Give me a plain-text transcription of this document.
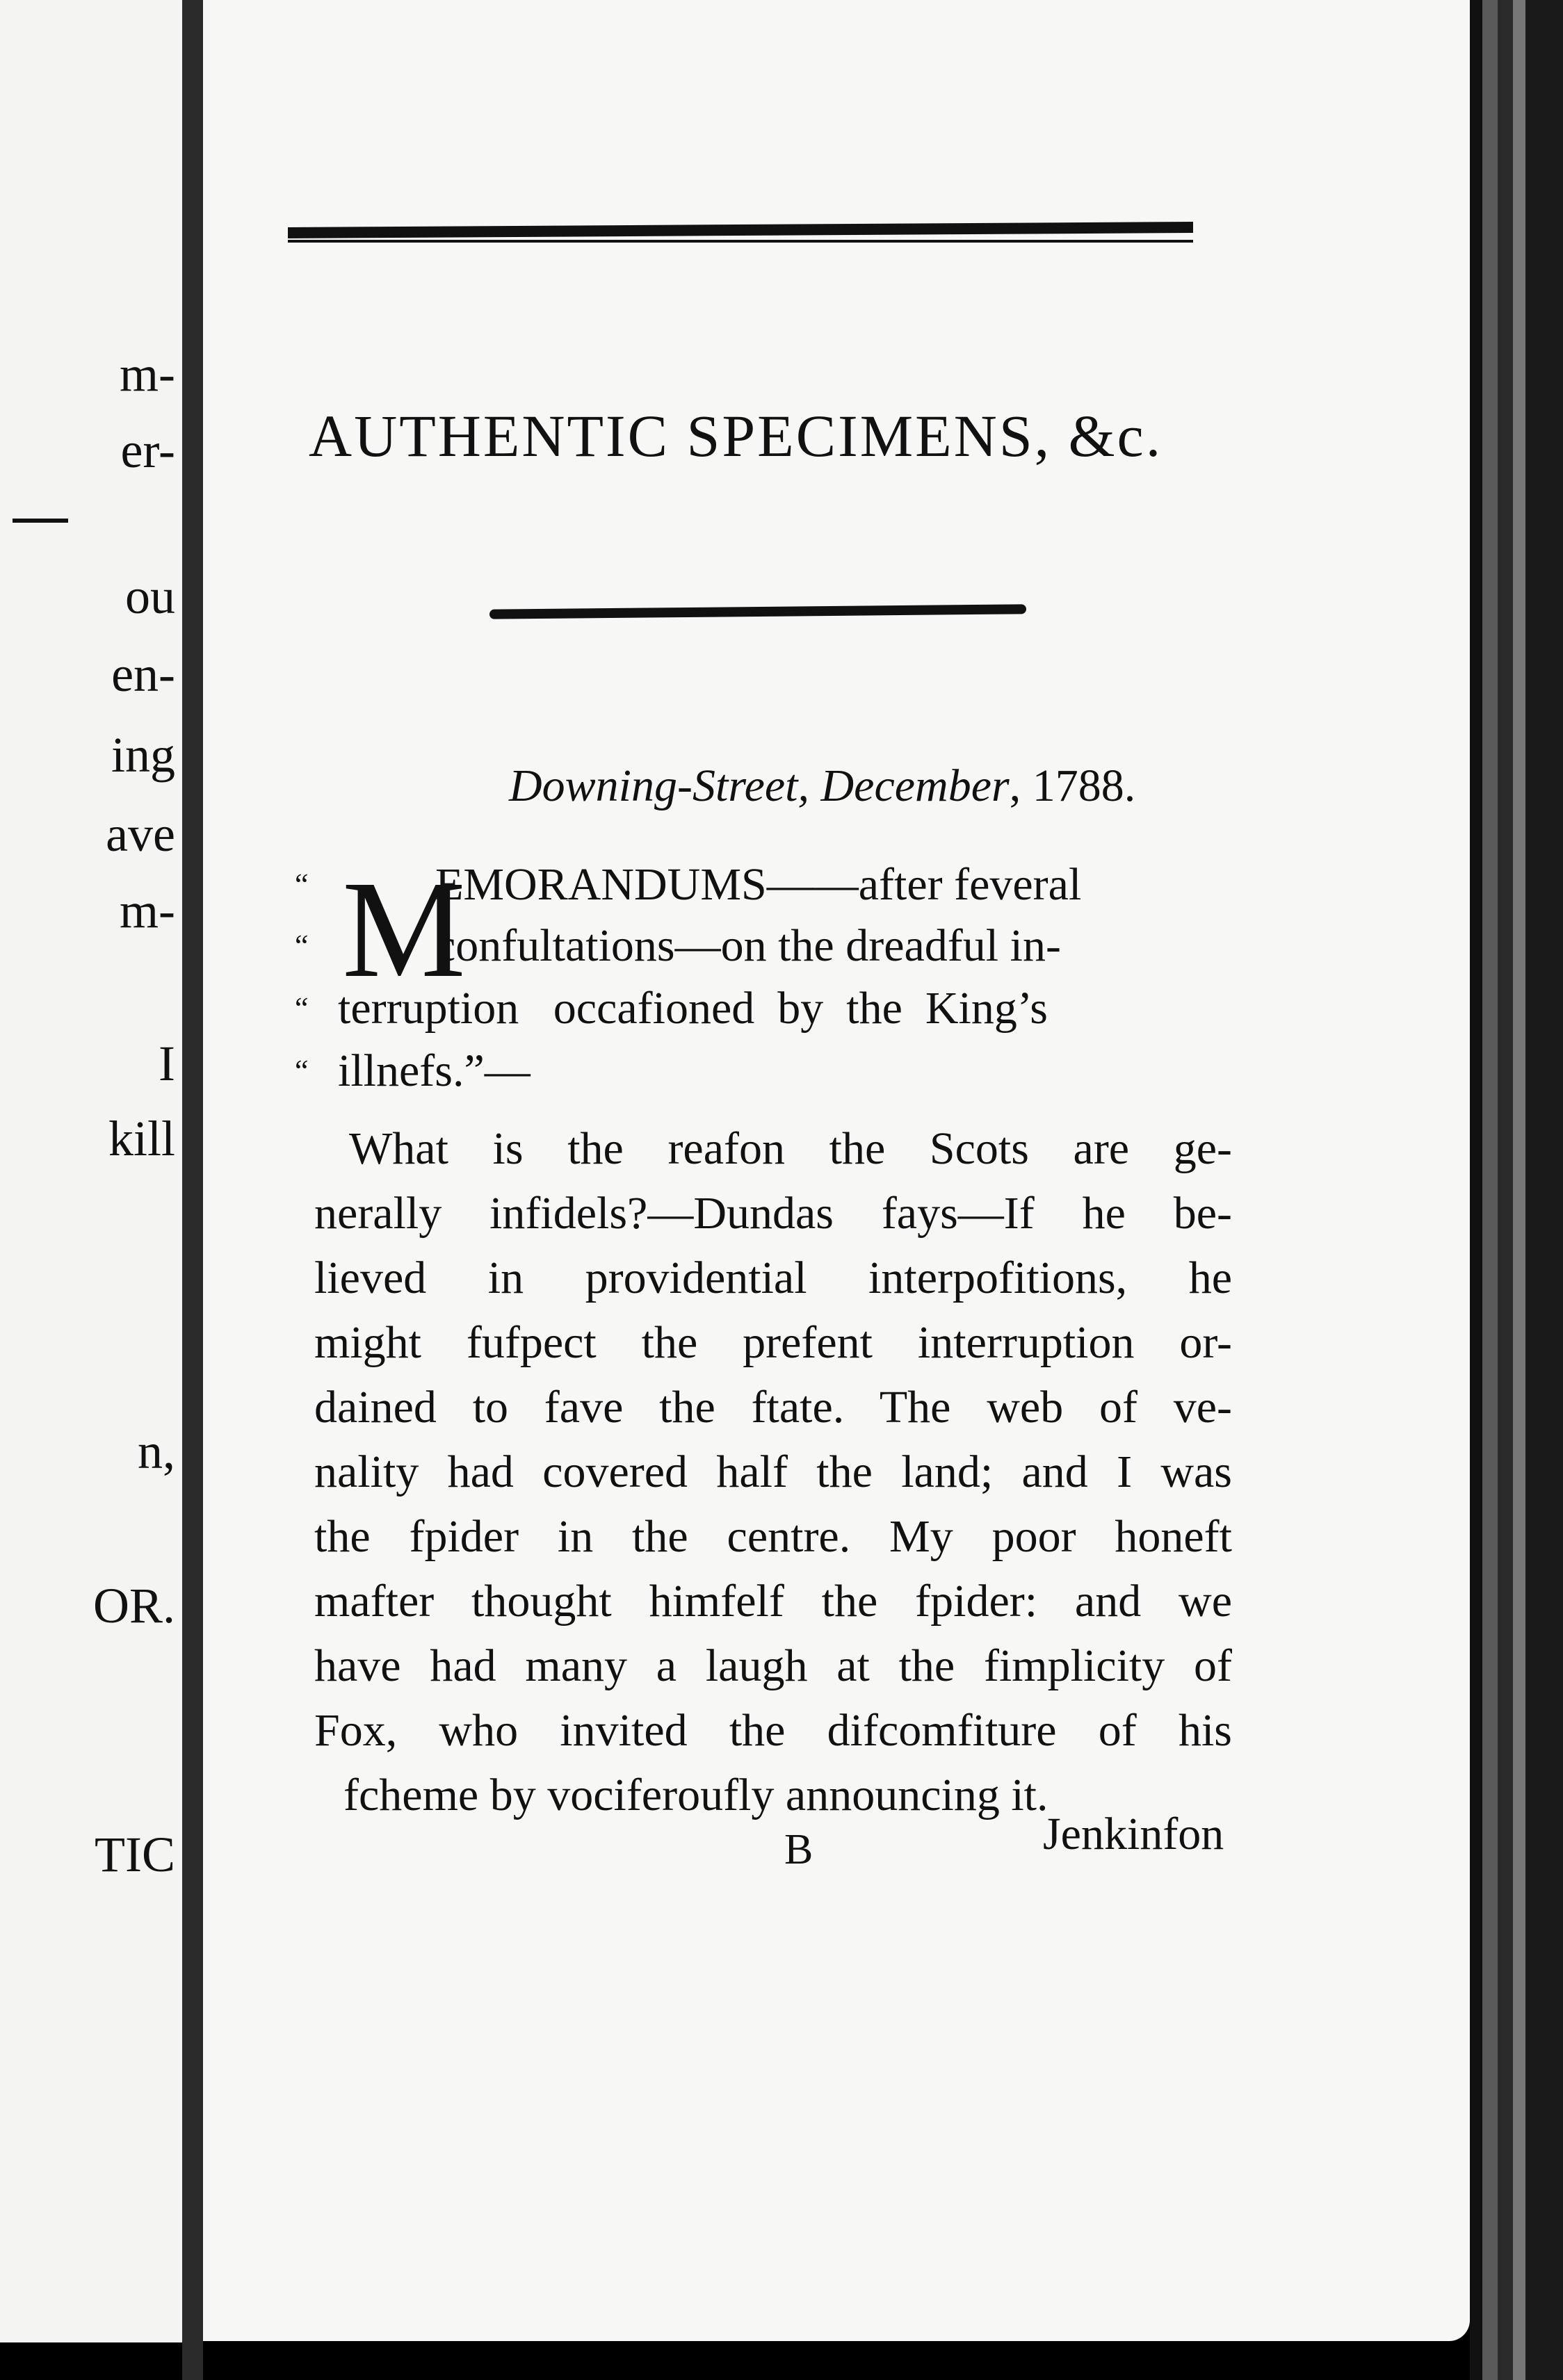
m-
er-
ou
en-
ing
ave
m-
I
kill
n,
OR.
TIC
AUTHENTIC SPECIMENS, &c.
Downing-Street, December, 1788.
M
“	EMORANDUMS——after feveral
“	confultations—on the dreadful in-
“ terruption   occafioned  by  the  King’s
“ illnefs.”—
What is the reafon the Scots are ge-
nerally infidels?—Dundas fays—If he be-
lieved in providential interpofitions, he
might fufpect the prefent interruption or-
dained to fave the ftate. The web of ve-
nality had covered half the land; and I was
the fpider in the centre. My poor honeft
mafter thought himfelf the fpider: and we
have had many a laugh at the fimplicity of
Fox, who invited the difcomfiture of his
fcheme by vociferoufly announcing it.
B	Jenkinfon
